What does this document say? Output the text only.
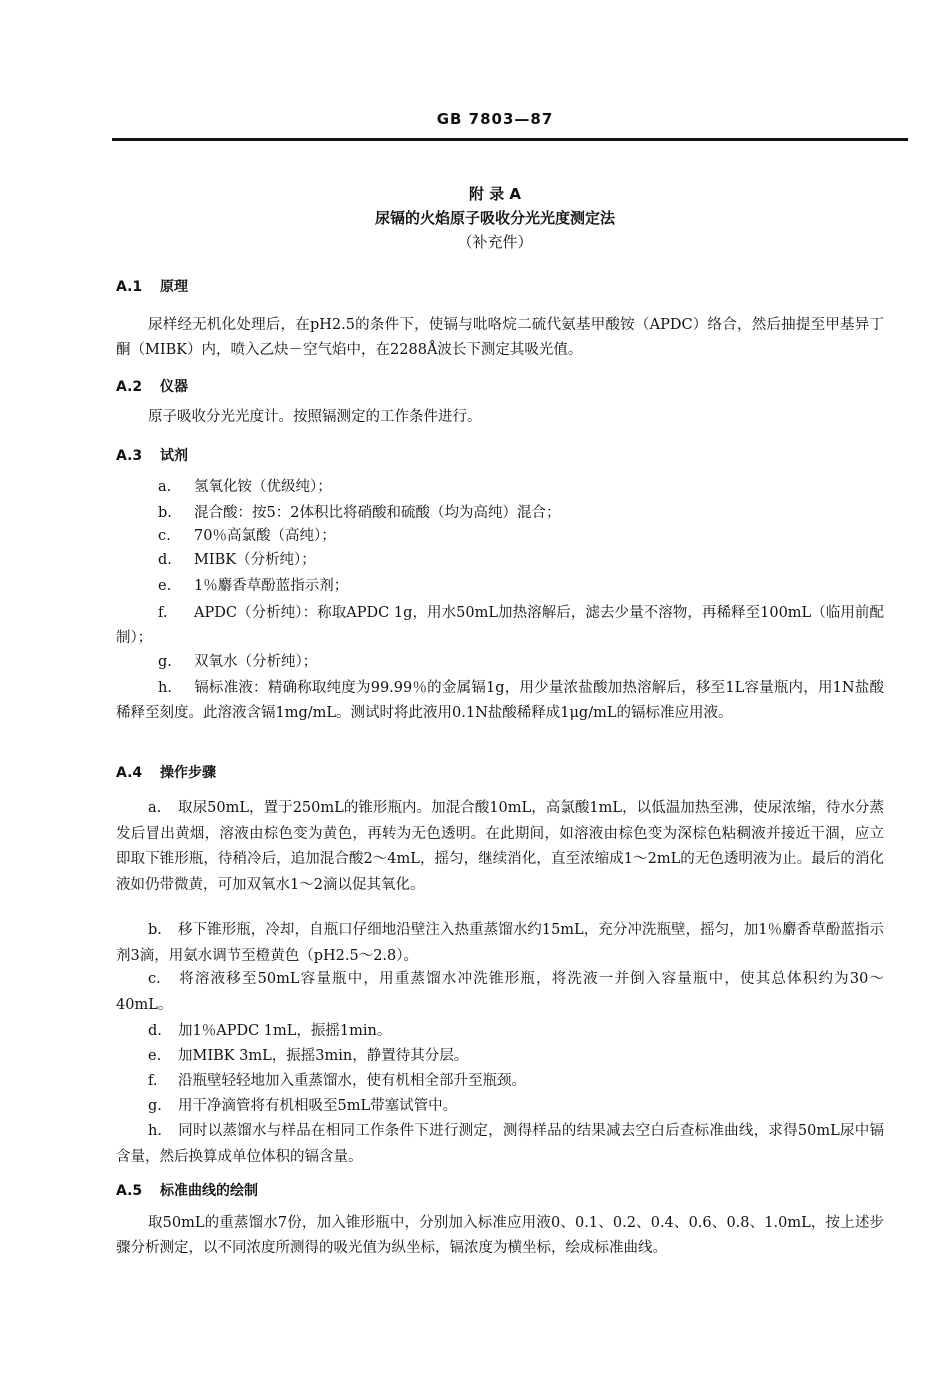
GB 7803—87
附 录 A
尿镉的火焰原子吸收分光光度测定法
（补充件）
A.1 原理
尿样经无机化处理后，在pH2.5的条件下，使镉与吡咯烷二硫代氨基甲酸铵（APDC）络合，然后抽提至甲基异丁酮（MIBK）内，喷入乙炔－空气焰中，在2288Å波长下测定其吸光值。
A.2 仪器
原子吸收分光光度计。按照镉测定的工作条件进行。
A.3 试剂
a. 氢氧化铵（优级纯）；
b. 混合酸：按5：2体积比将硝酸和硫酸（均为高纯）混合；
c. 70％高氯酸（高纯）；
d. MIBK（分析纯）；
e. 1％麝香草酚蓝指示剂；
f. APDC（分析纯）：称取APDC 1g，用水50mL加热溶解后，滤去少量不溶物，再稀释至100mL（临用前配制）；
g. 双氧水（分析纯）；
h. 镉标准液：精确称取纯度为99.99％的金属镉1g，用少量浓盐酸加热溶解后，移至1L容量瓶内，用1N盐酸稀释至刻度。此溶液含镉1mg/mL。测试时将此液用0.1N盐酸稀释成1μg/mL的镉标准应用液。
A.4 操作步骤
a. 取尿50mL，置于250mL的锥形瓶内。加混合酸10mL，高氯酸1mL，以低温加热至沸，使尿浓缩，待水分蒸发后冒出黄烟，溶液由棕色变为黄色，再转为无色透明。在此期间，如溶液由棕色变为深棕色粘稠液并接近干涸，应立即取下锥形瓶，待稍冷后，追加混合酸2～4mL，摇匀，继续消化，直至浓缩成1～2mL的无色透明液为止。最后的消化液如仍带微黄，可加双氧水1～2滴以促其氧化。
b. 移下锥形瓶，冷却，自瓶口仔细地沿壁注入热重蒸馏水约15mL，充分冲洗瓶壁，摇匀，加1％麝香草酚蓝指示剂3滴，用氨水调节至橙黄色（pH2.5～2.8）。
c. 将溶液移至50mL容量瓶中，用重蒸馏水冲洗锥形瓶，将洗液一并倒入容量瓶中，使其总体积约为30～40mL。
d. 加1％APDC 1mL，振摇1min。
e. 加MIBK 3mL，振摇3min，静置待其分层。
f. 沿瓶壁轻轻地加入重蒸馏水，使有机相全部升至瓶颈。
g. 用干净滴管将有机相吸至5mL带塞试管中。
h. 同时以蒸馏水与样品在相同工作条件下进行测定，测得样品的结果减去空白后查标准曲线，求得50mL尿中镉含量，然后换算成单位体积的镉含量。
A.5 标准曲线的绘制
取50mL的重蒸馏水7份，加入锥形瓶中，分别加入标准应用液0、0.1、0.2、0.4、0.6、0.8、1.0mL，按上述步骤分析测定，以不同浓度所测得的吸光值为纵坐标，镉浓度为横坐标，绘成标准曲线。
